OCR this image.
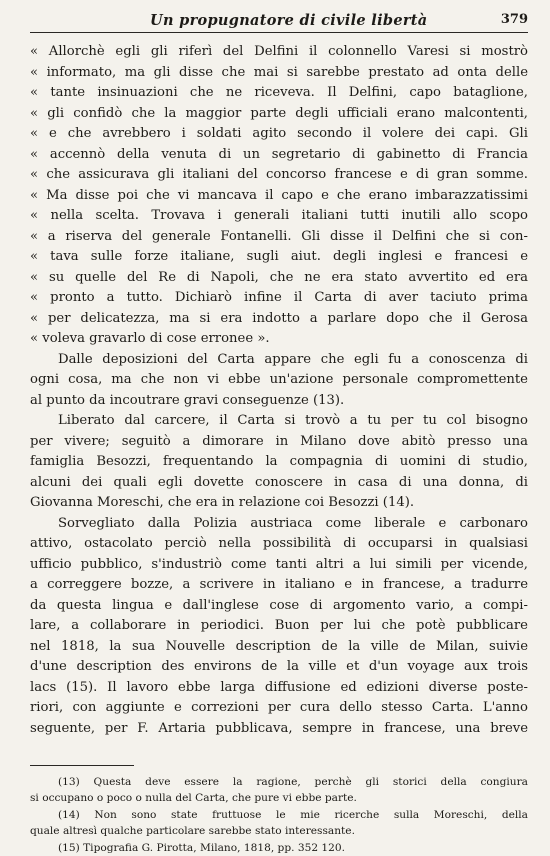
Un propugnatore di civile libertà	379
« Allorchè egli gli riferì del Delfini il colonnello Varesi si mostrò
« informato, ma gli disse che mai si sarebbe prestato ad onta delle
« tante insinuazioni che ne riceveva. Il Delfini, capo bataglione,
« gli confidò che la maggior parte degli ufficiali erano malcontenti,
« e che avrebbero i soldati agito secondo il volere dei capi. Gli
« accennò della venuta di un segretario di gabinetto di Francia
« che assicurava gli italiani del concorso francese e di gran somme.
« Ma disse poi che vi mancava il capo e che erano imbarazzatissimi
« nella scelta. Trovava i generali italiani tutti inutili allo scopo
« a riserva del generale Fontanelli. Gli disse il Delfini che si con-
« tava sulle forze italiane, sugli aiut. degli inglesi e francesi e
« su quelle del Re di Napoli, che ne era stato avvertito ed era
« pronto a tutto. Dichiarò infine il Carta di aver taciuto prima
« per delicatezza, ma si era indotto a parlare dopo che il Gerosa
« voleva gravarlo di cose erronee ».
Dalle deposizioni del Carta appare che egli fu a conoscenza di
ogni cosa, ma che non vi ebbe un'azione personale compromettente
al punto da incoutrare gravi conseguenze (13).
Liberato dal carcere, il Carta si trovò a tu per tu col bisogno
per vivere; seguitò a dimorare in Milano dove abitò presso una
famiglia Besozzi, frequentando la compagnia di uomini di studio,
alcuni dei quali egli dovette conoscere in casa di una donna, di
Giovanna Moreschi, che era in relazione coi Besozzi (14).
Sorvegliato dalla Polizia austriaca come liberale e carbonaro
attivo, ostacolato perciò nella possibilità di occuparsi in qualsiasi
ufficio pubblico, s'industriò come tanti altri a lui simili per vicende,
a correggere bozze, a scrivere in italiano e in francese, a tradurre
da questa lingua e dall'inglese cose di argomento vario, a compi-
lare, a collaborare in periodici. Buon per lui che potè pubblicare
nel 1818, la sua Nouvelle description de la ville de Milan, suivie
d'une description des environs de la ville et d'un voyage aux trois
lacs (15). Il lavoro ebbe larga diffusione ed edizioni diverse poste-
riori, con aggiunte e correzioni per cura dello stesso Carta. L'anno
seguente, per F. Artaria pubblicava, sempre in francese, una breve
(13) Questa deve essere la ragione, perchè gli storici della congiura
si occupano o poco o nulla del Carta, che pure vi ebbe parte.
(14) Non sono state fruttuose le mie ricerche sulla Moreschi, della
quale altresì qualche particolare sarebbe stato interessante.
(15) Tipografia G. Pirotta, Milano, 1818, pp. 352 120.
